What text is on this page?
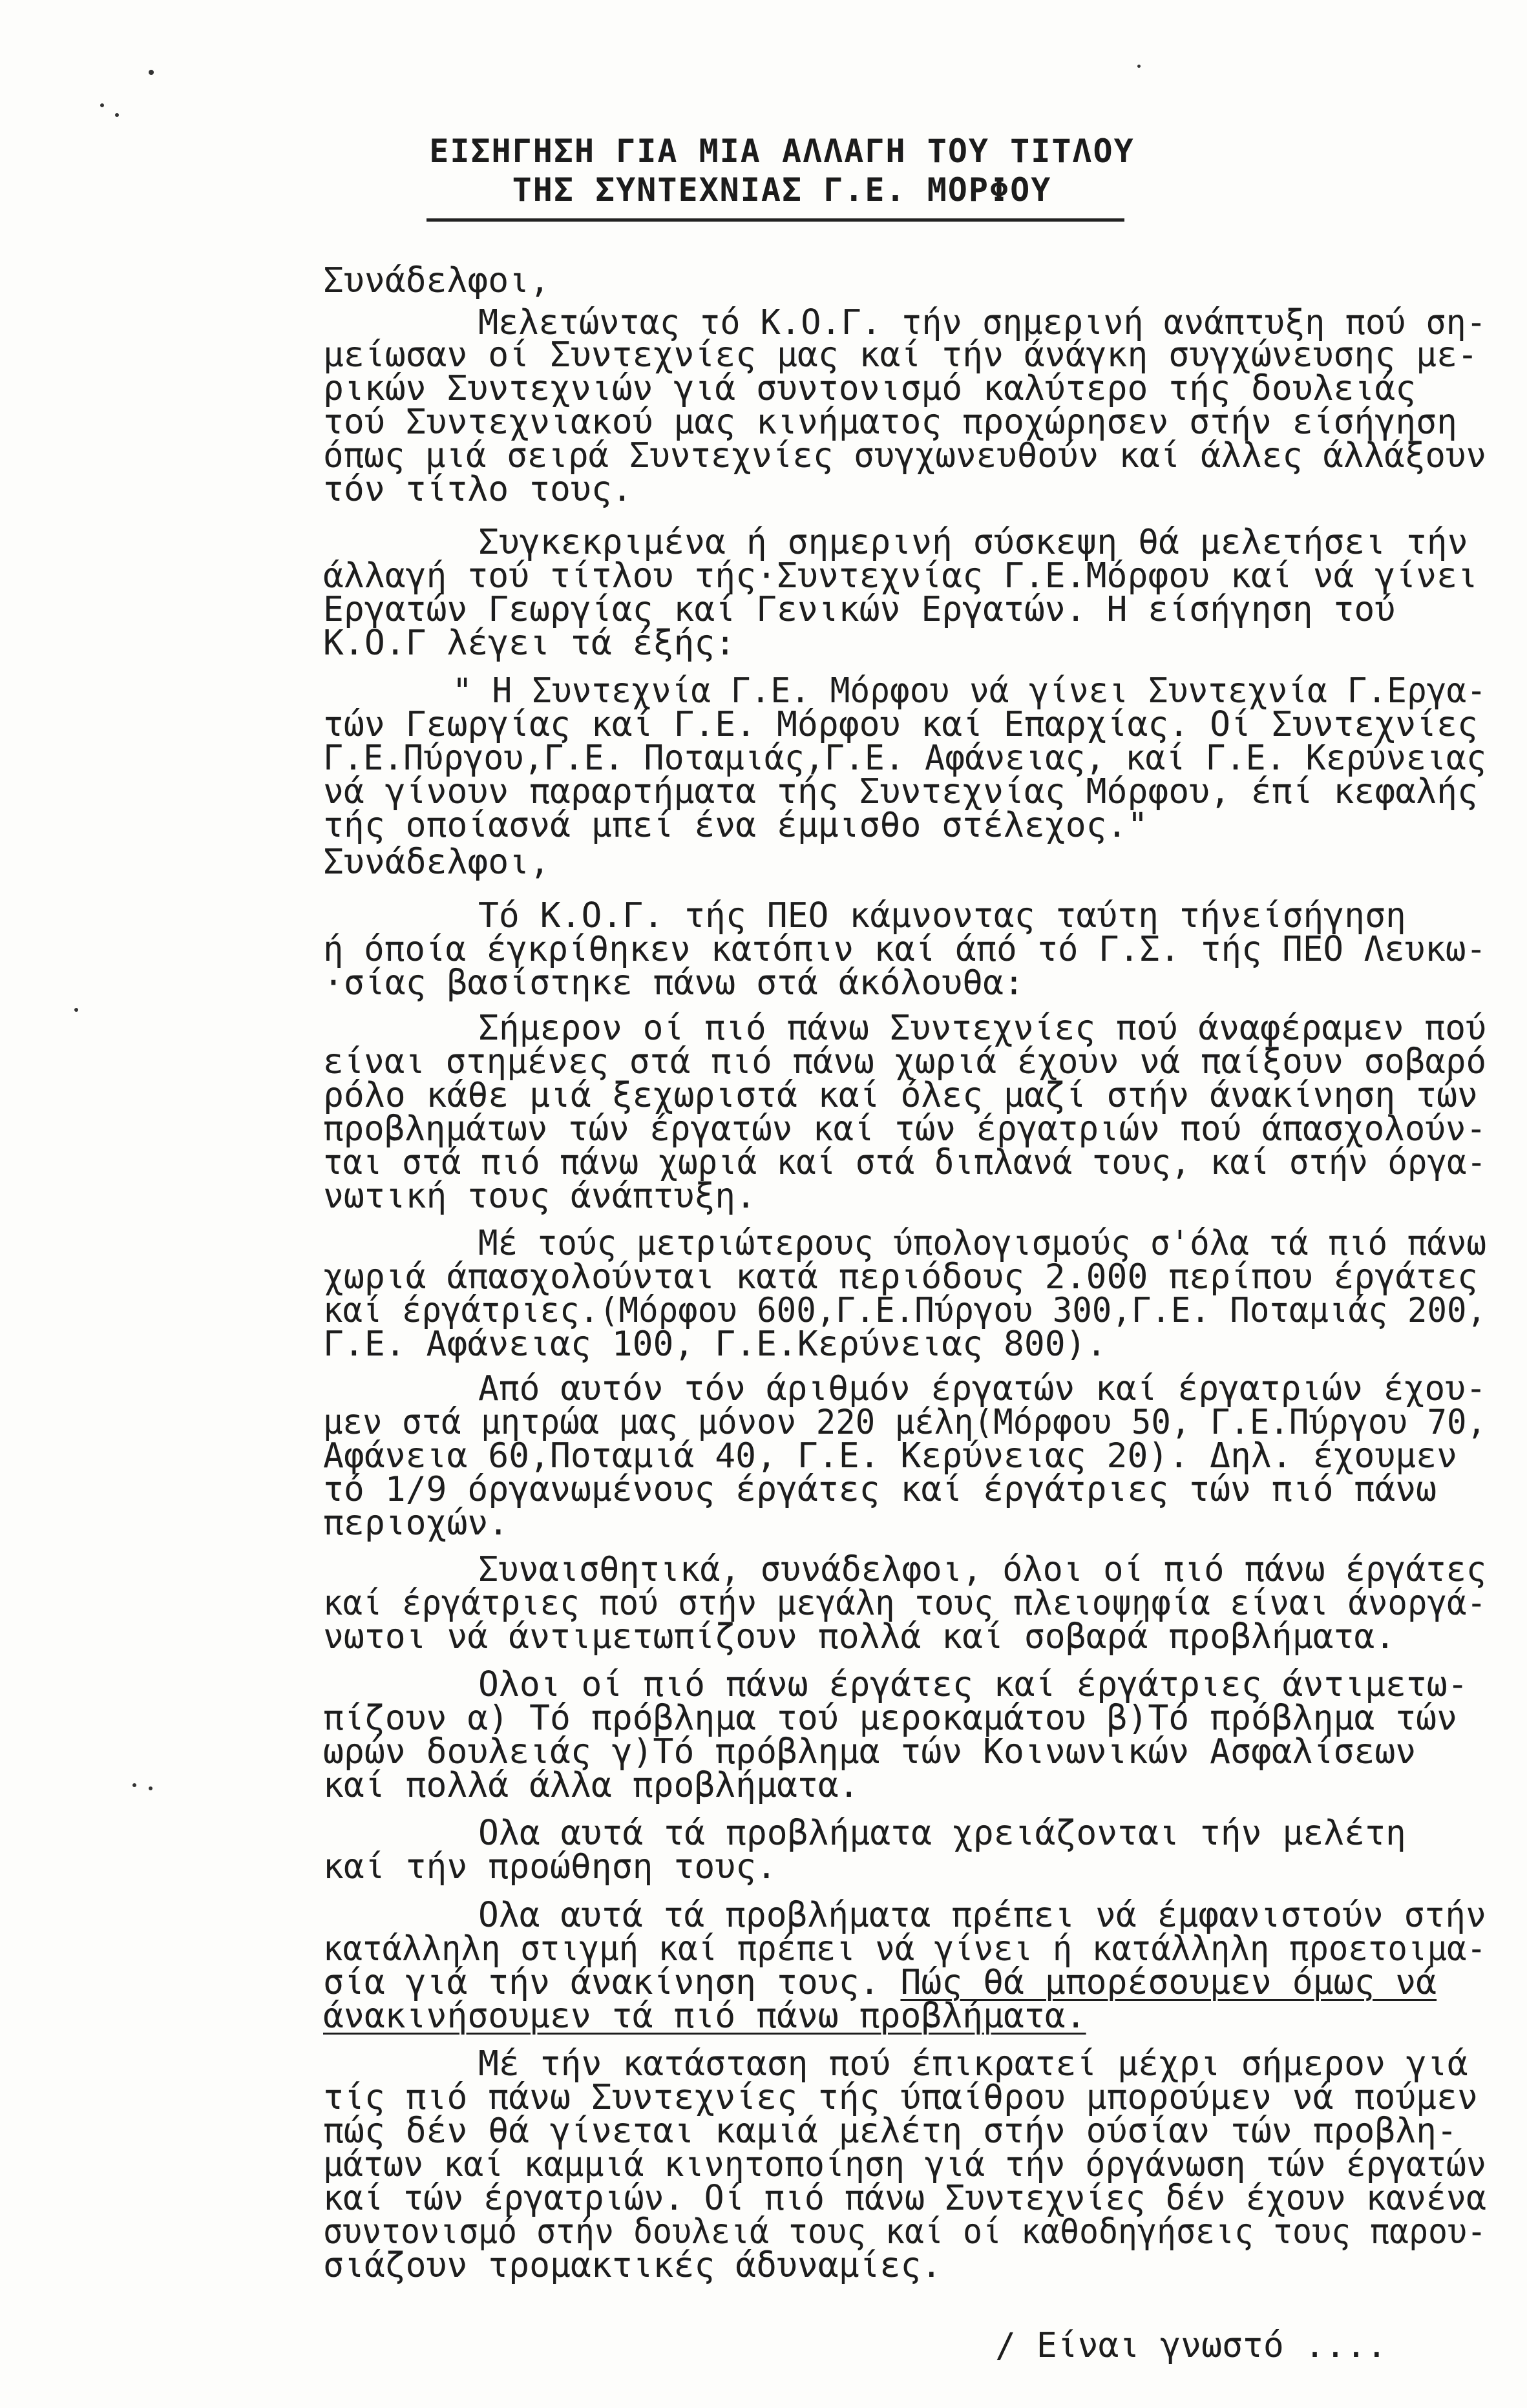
ΕΙΣΗΓΗΣΗ ΓΙΑ ΜΙΑ ΑΛΛΑΓΗ ΤΟΥ ΤΙΤΛΟΥ
ΤΗΣ ΣΥΝΤΕΧΝΙΑΣ Γ.Ε. ΜΟΡΦΟΥ
Συνάδελφοι,
Μελετώντας τό Κ.Ο.Γ. τήν σημερινή ανάπτυξη πού ση-
μείωσαν οί Συντεχνίες μας καί τήν άνάγκη συγχώνευσης με-
ρικών Συντεχνιών γιά συντονισμό καλύτερο τής δουλειάς
τού Συντεχνιακού μας κινήματος προχώρησεν στήν είσήγηση
όπως μιά σειρά Συντεχνίες συγχωνευθούν καί άλλες άλλάξουν
τόν τίτλο τους.
Συγκεκριμένα ή σημερινή σύσκεψη θά μελετήσει τήν
άλλαγή τού τίτλου τής·Συντεχνίας Γ.Ε.Μόρφου καί νά γίνει
Εργατών Γεωργίας καί Γενικών Εργατών. Η είσήγηση τού
Κ.Ο.Γ λέγει τά έξής:
" Η Συντεχνία Γ.Ε. Μόρφου νά γίνει Συντεχνία Γ.Εργα-
τών Γεωργίας καί Γ.Ε. Μόρφου καί Επαρχίας. Οί Συντεχνίες
Γ.Ε.Πύργου,Γ.Ε. Ποταμιάς,Γ.Ε. Αφάνειας, καί Γ.Ε. Κερύνειας
νά γίνουν παραρτήματα τής Συντεχνίας Μόρφου, έπί κεφαλής
τής οποίασνά μπεί ένα έμμισθο στέλεχος."
Συνάδελφοι,
Τό Κ.Ο.Γ. τής ΠΕΟ κάμνοντας ταύτη τήνείσήγηση
ή όποία έγκρίθηκεν κατόπιν καί άπό τό Γ.Σ. τής ΠΕΟ Λευκω-
·σίας βασίστηκε πάνω στά άκόλουθα:
Σήμερον οί πιό πάνω Συντεχνίες πού άναφέραμεν πού
είναι στημένες στά πιό πάνω χωριά έχουν νά παίξουν σοβαρό
ρόλο κάθε μιά ξεχωριστά καί όλες μαζί στήν άνακίνηση τών
προβλημάτων τών έργατών καί τών έργατριών πού άπασχολούν-
ται στά πιό πάνω χωριά καί στά διπλανά τους, καί στήν όργα-
νωτική τους άνάπτυξη.
Μέ τούς μετριώτερους ύπολογισμούς σ'όλα τά πιό πάνω
χωριά άπασχολούνται κατά περιόδους 2.000 περίπου έργάτες
καί έργάτριες.(Μόρφου 600,Γ.Ε.Πύργου 300,Γ.Ε. Ποταμιάς 200,
Γ.Ε. Αφάνειας 100, Γ.Ε.Κερύνειας 800).
Από αυτόν τόν άριθμόν έργατών καί έργατριών έχου-
μεν στά μητρώα μας μόνον 220 μέλη(Μόρφου 50, Γ.Ε.Πύργου 70,
Αφάνεια 60,Ποταμιά 40, Γ.Ε. Κερύνειας 20). Δηλ. έχουμεν
τό 1/9 όργανωμένους έργάτες καί έργάτριες τών πιό πάνω
περιοχών.
Συναισθητικά, συνάδελφοι, όλοι οί πιό πάνω έργάτες
καί έργάτριες πού στήν μεγάλη τους πλειοψηφία είναι άνοργά-
νωτοι νά άντιμετωπίζουν πολλά καί σοβαρά προβλήματα.
Ολοι οί πιό πάνω έργάτες καί έργάτριες άντιμετω-
πίζουν α) Τό πρόβλημα τού μεροκαμάτου β)Τό πρόβλημα τών
ωρών δουλειάς γ)Τό πρόβλημα τών Κοινωνικών Ασφαλίσεων
καί πολλά άλλα προβλήματα.
Ολα αυτά τά προβλήματα χρειάζονται τήν μελέτη
καί τήν προώθηση τους.
Ολα αυτά τά προβλήματα πρέπει νά έμφανιστούν στήν
κατάλληλη στιγμή καί πρέπει νά γίνει ή κατάλληλη προετοιμα-
σία γιά τήν άνακίνηση τους. Πώς θά μπορέσουμεν όμως νά
άνακινήσουμεν τά πιό πάνω προβλήματα.
Μέ τήν κατάσταση πού έπικρατεί μέχρι σήμερον γιά
τίς πιό πάνω Συντεχνίες τής ύπαίθρου μπορούμεν νά πούμεν
πώς δέν θά γίνεται καμιά μελέτη στήν ούσίαν τών προβλη-
μάτων καί καμμιά κινητοποίηση γιά τήν όργάνωση τών έργατών
καί τών έργατριών. Οί πιό πάνω Συντεχνίες δέν έχουν κανένα
συντονισμό στήν δουλειά τους καί οί καθοδηγήσεις τους παρου-
σιάζουν τρομακτικές άδυναμίες.
/ Είναι γνωστό ....
